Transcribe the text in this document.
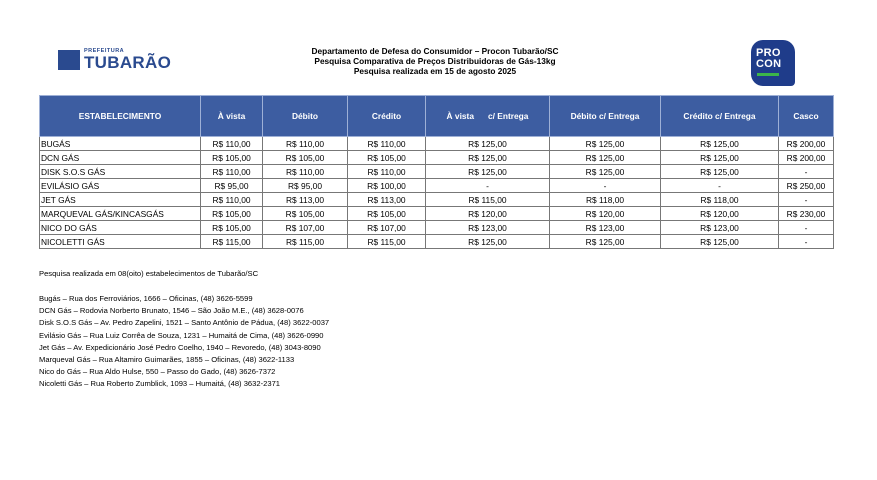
PREFEITURA
TUBARÃO
Departamento de Defesa do Consumidor – Procon Tubarão/SC
Pesquisa Comparativa de Preços Distribuidoras de Gás-13kg
Pesquisa realizada em 15 de agosto 2025
PRO
CON
ESTABELECIMENTO	À vista	Débito	Crédito	À vista      c/ Entrega	Débito c/ Entrega	Crédito c/ Entrega	Casco
BUGÁS	R$ 110,00	R$ 110,00	R$ 110,00	R$ 125,00	R$ 125,00	R$ 125,00	R$ 200,00
DCN GÁS	R$ 105,00	R$ 105,00	R$ 105,00	R$ 125,00	R$ 125,00	R$ 125,00	R$ 200,00
DISK S.O.S GÁS	R$ 110,00	R$ 110,00	R$ 110,00	R$ 125,00	R$ 125,00	R$ 125,00	-
EVILÁSIO GÁS	R$ 95,00	R$ 95,00	R$ 100,00	-	-	-	R$ 250,00
JET GÁS	R$ 110,00	R$ 113,00	R$ 113,00	R$ 115,00	R$ 118,00	R$ 118,00	-
MARQUEVAL GÁS/KINCASGÁS	R$ 105,00	R$ 105,00	R$ 105,00	R$ 120,00	R$ 120,00	R$ 120,00	R$ 230,00
NICO DO GÁS	R$ 105,00	R$ 107,00	R$ 107,00	R$ 123,00	R$ 123,00	R$ 123,00	-
NICOLETTI GÁS	R$ 115,00	R$ 115,00	R$ 115,00	R$ 125,00	R$ 125,00	R$ 125,00	-
Pesquisa realizada em 08(oito) estabelecimentos de Tubarão/SC
Bugás – Rua dos Ferroviários, 1666 – Oficinas, (48) 3626-5599
DCN Gás – Rodovia Norberto Brunato, 1546 – São João M.E., (48) 3628-0076
Disk S.O.S Gás – Av. Pedro Zapelini, 1521 – Santo Antônio de Pádua, (48) 3622-0037
Evilásio Gás – Rua Luiz Corrêa de Souza, 1231 – Humaitá de Cima, (48) 3626-0990
Jet Gás – Av. Expedicionário José Pedro Coelho, 1940 – Revoredo, (48) 3043-8090
Marqueval Gás – Rua Altamiro Guimarães, 1855 – Oficinas, (48) 3622-1133
Nico do Gás – Rua Aldo Hulse, 550 – Passo do Gado, (48) 3626-7372
Nicoletti Gás – Rua Roberto Zumblick, 1093 – Humaitá, (48) 3632-2371
